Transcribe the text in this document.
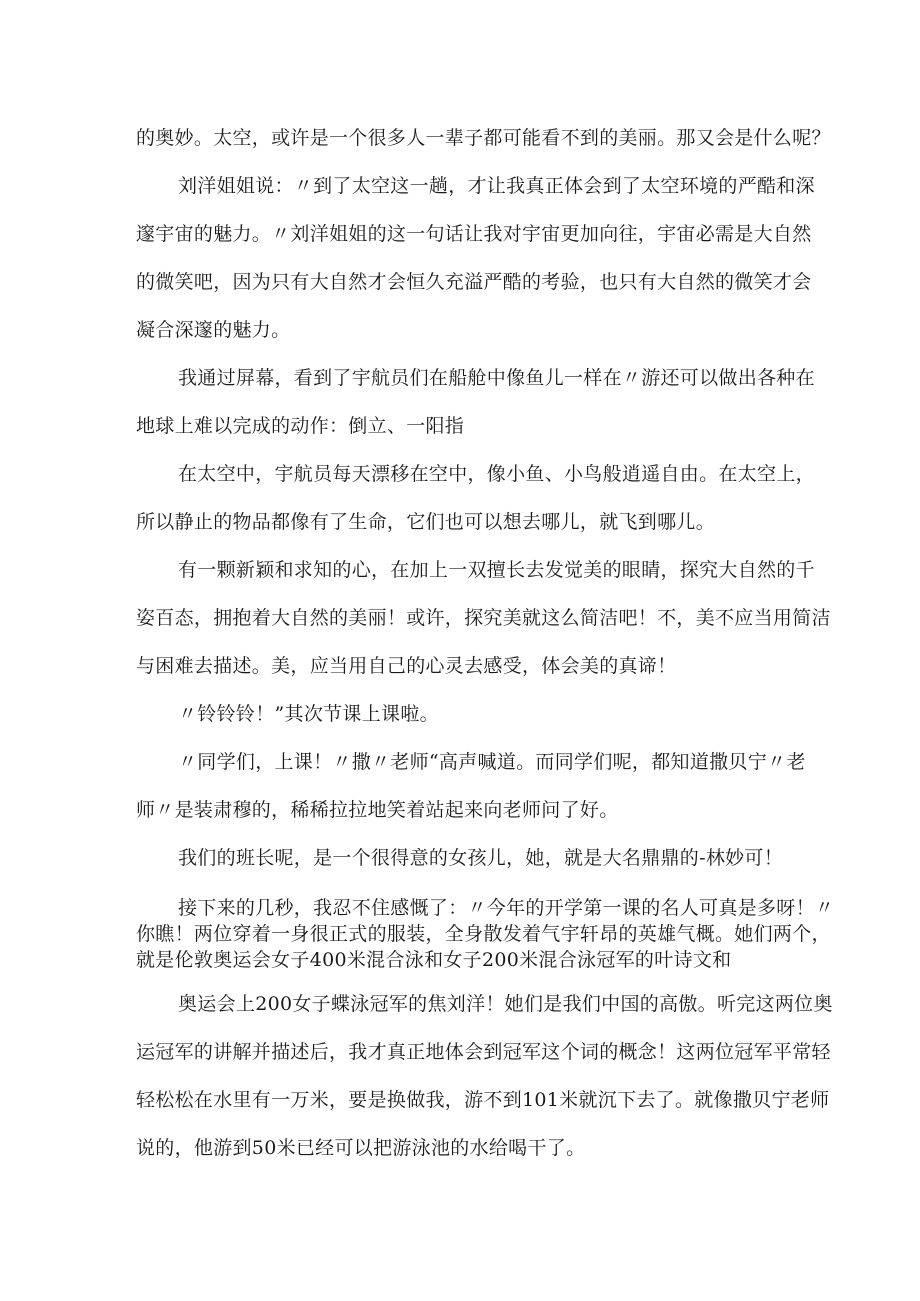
的奥妙。太空，或许是一个很多人一辈子都可能看不到的美丽。那又会是什么呢？
刘洋姐姐说：〃到了太空这一趟，才让我真正体会到了太空环境的严酷和深
邃宇宙的魅力。〃刘洋姐姐的这一句话让我对宇宙更加向往，宇宙必需是大自然
的微笑吧，因为只有大自然才会恒久充溢严酷的考验，也只有大自然的微笑才会
凝合深邃的魅力。
我通过屏幕，看到了宇航员们在船舱中像鱼儿一样在〃游还可以做出各种在
地球上难以完成的动作：倒立、一阳指
在太空中，宇航员每天漂移在空中，像小鱼、小鸟般逍遥自由。在太空上，
所以静止的物品都像有了生命，它们也可以想去哪儿，就飞到哪儿。
有一颗新颖和求知的心，在加上一双擅长去发觉美的眼睛，探究大自然的千
姿百态，拥抱着大自然的美丽！或许，探究美就这么简洁吧！不，美不应当用简洁
与困难去描述。美，应当用自己的心灵去感受，体会美的真谛！
〃铃铃铃！”其次节课上课啦。
〃同学们，上课！〃撒〃老师“高声喊道。而同学们呢，都知道撒贝宁〃老
师〃是装肃穆的，稀稀拉拉地笑着站起来向老师问了好。
我们的班长呢，是一个很得意的女孩儿，她，就是大名鼎鼎的-林妙可！
接下来的几秒，我忍不住感慨了：〃今年的开学第一课的名人可真是多呀！〃
你瞧！两位穿着一身很正式的服装，全身散发着气宇轩昂的英雄气概。她们两个，
就是伦敦奥运会女子400米混合泳和女子200米混合泳冠军的叶诗文和
奥运会上200女子蝶泳冠军的焦刘洋！她们是我们中国的高傲。听完这两位奥
运冠军的讲解并描述后，我才真正地体会到冠军这个词的概念！这两位冠军平常轻
轻松松在水里有一万米，要是换做我，游不到101米就沉下去了。就像撒贝宁老师
说的，他游到50米已经可以把游泳池的水给喝干了。
